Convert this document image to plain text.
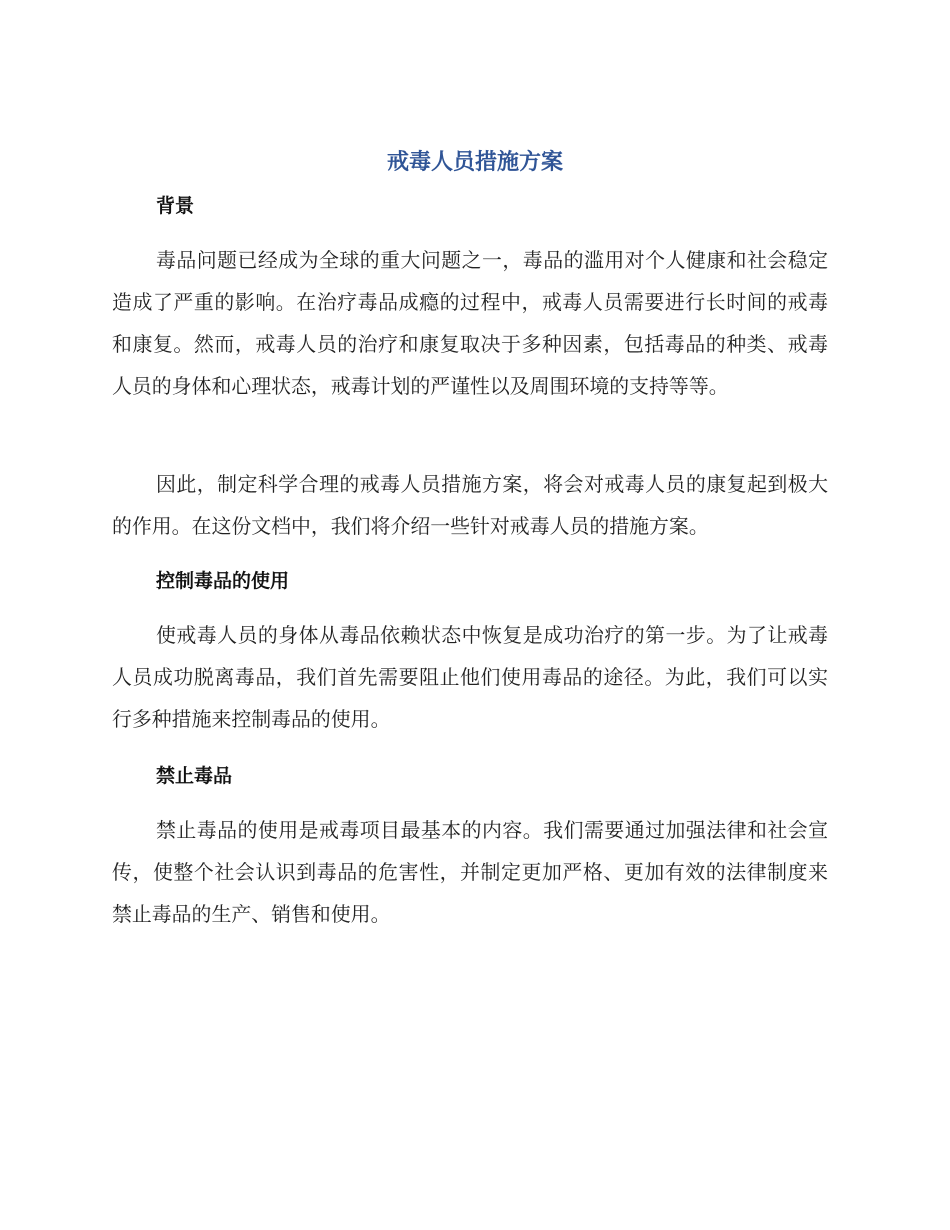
戒毒人员措施方案
背景

毒品问题已经成为全球的重大问题之一，毒品的滥用对个人健康和社会稳定造成了严重的影响。在治疗毒品成瘾的过程中，戒毒人员需要进行长时间的戒毒和康复。然而，戒毒人员的治疗和康复取决于多种因素，包括毒品的种类、戒毒人员的身体和心理状态，戒毒计划的严谨性以及周围环境的支持等等。

因此，制定科学合理的戒毒人员措施方案，将会对戒毒人员的康复起到极大的作用。在这份文档中，我们将介绍一些针对戒毒人员的措施方案。

控制毒品的使用

使戒毒人员的身体从毒品依赖状态中恢复是成功治疗的第一步。为了让戒毒人员成功脱离毒品，我们首先需要阻止他们使用毒品的途径。为此，我们可以实行多种措施来控制毒品的使用。

禁止毒品

禁止毒品的使用是戒毒项目最基本的内容。我们需要通过加强法律和社会宣传，使整个社会认识到毒品的危害性，并制定更加严格、更加有效的法律制度来禁止毒品的生产、销售和使用。
